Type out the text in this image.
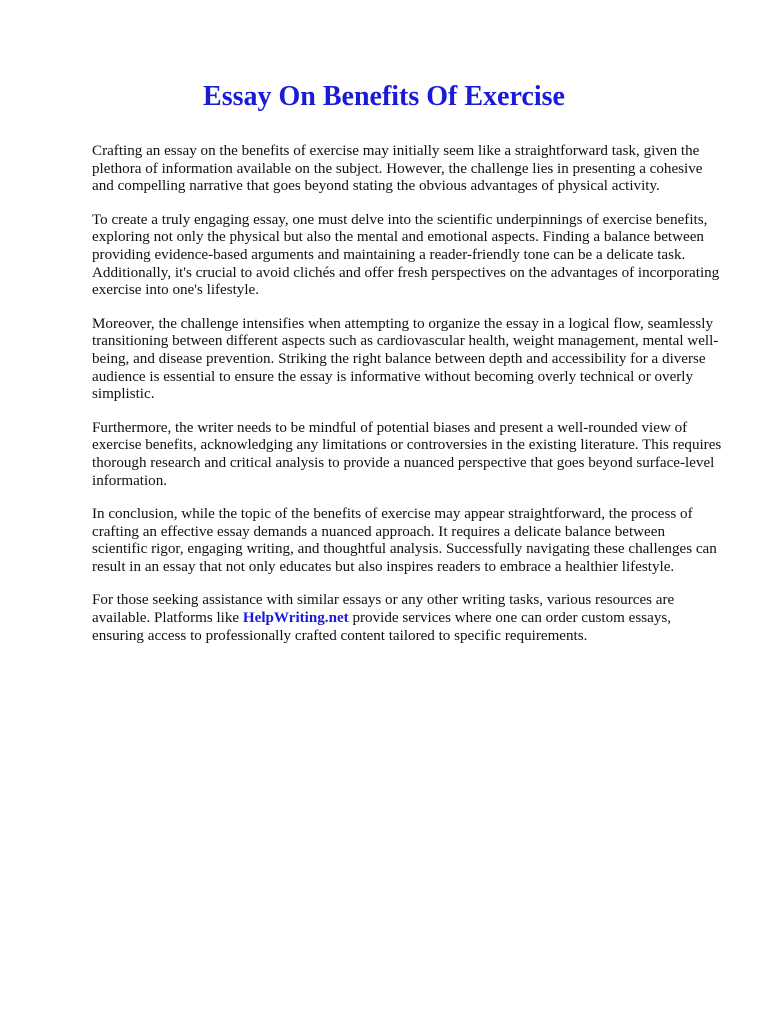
Essay On Benefits Of Exercise

Crafting an essay on the benefits of exercise may initially seem like a straightforward task, given the plethora of information available on the subject. However, the challenge lies in presenting a cohesive and compelling narrative that goes beyond stating the obvious advantages of physical activity.

To create a truly engaging essay, one must delve into the scientific underpinnings of exercise benefits, exploring not only the physical but also the mental and emotional aspects. Finding a balance between providing evidence-based arguments and maintaining a reader-friendly tone can be a delicate task. Additionally, it's crucial to avoid clichés and offer fresh perspectives on the advantages of incorporating exercise into one's lifestyle.

Moreover, the challenge intensifies when attempting to organize the essay in a logical flow, seamlessly transitioning between different aspects such as cardiovascular health, weight management, mental well-being, and disease prevention. Striking the right balance between depth and accessibility for a diverse audience is essential to ensure the essay is informative without becoming overly technical or overly simplistic.

Furthermore, the writer needs to be mindful of potential biases and present a well-rounded view of exercise benefits, acknowledging any limitations or controversies in the existing literature. This requires thorough research and critical analysis to provide a nuanced perspective that goes beyond surface-level information.

In conclusion, while the topic of the benefits of exercise may appear straightforward, the process of crafting an effective essay demands a nuanced approach. It requires a delicate balance between scientific rigor, engaging writing, and thoughtful analysis. Successfully navigating these challenges can result in an essay that not only educates but also inspires readers to embrace a healthier lifestyle.

For those seeking assistance with similar essays or any other writing tasks, various resources are available. Platforms like HelpWriting.net provide services where one can order custom essays, ensuring access to professionally crafted content tailored to specific requirements.
